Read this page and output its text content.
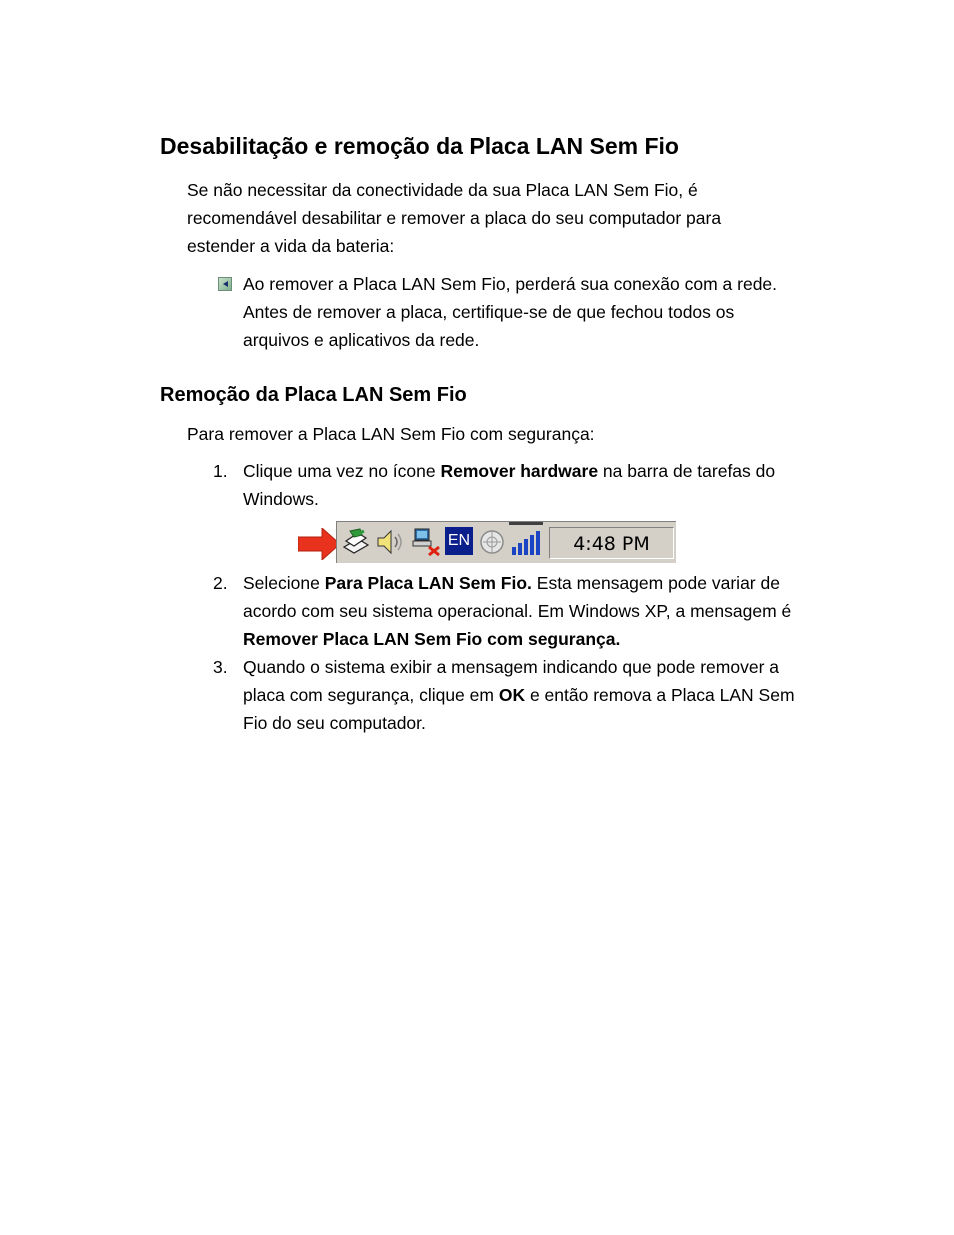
Desabilitação e remoção da Placa LAN Sem Fio
Se não necessitar da conectividade da sua Placa LAN Sem Fio, é
recomendável desabilitar e remover a placa do seu computador para
estender a vida da bateria:
Ao remover a Placa LAN Sem Fio, perderá sua conexão com a rede.
Antes de remover a placa, certifique-se de que fechou todos os
arquivos e aplicativos da rede.
Remoção da Placa LAN Sem Fio

Para remover a Placa LAN Sem Fio com segurança:

1. Clique uma vez no ícone Remover hardware na barra de tarefas do
Windows.
EN	4:48 PM
2. Selecione Para Placa LAN Sem Fio. Esta mensagem pode variar de
acordo com seu sistema operacional. Em Windows XP, a mensagem é
Remover Placa LAN Sem Fio com segurança.
3. Quando o sistema exibir a mensagem indicando que pode remover a
placa com segurança, clique em OK e então remova a Placa LAN Sem
Fio do seu computador.
